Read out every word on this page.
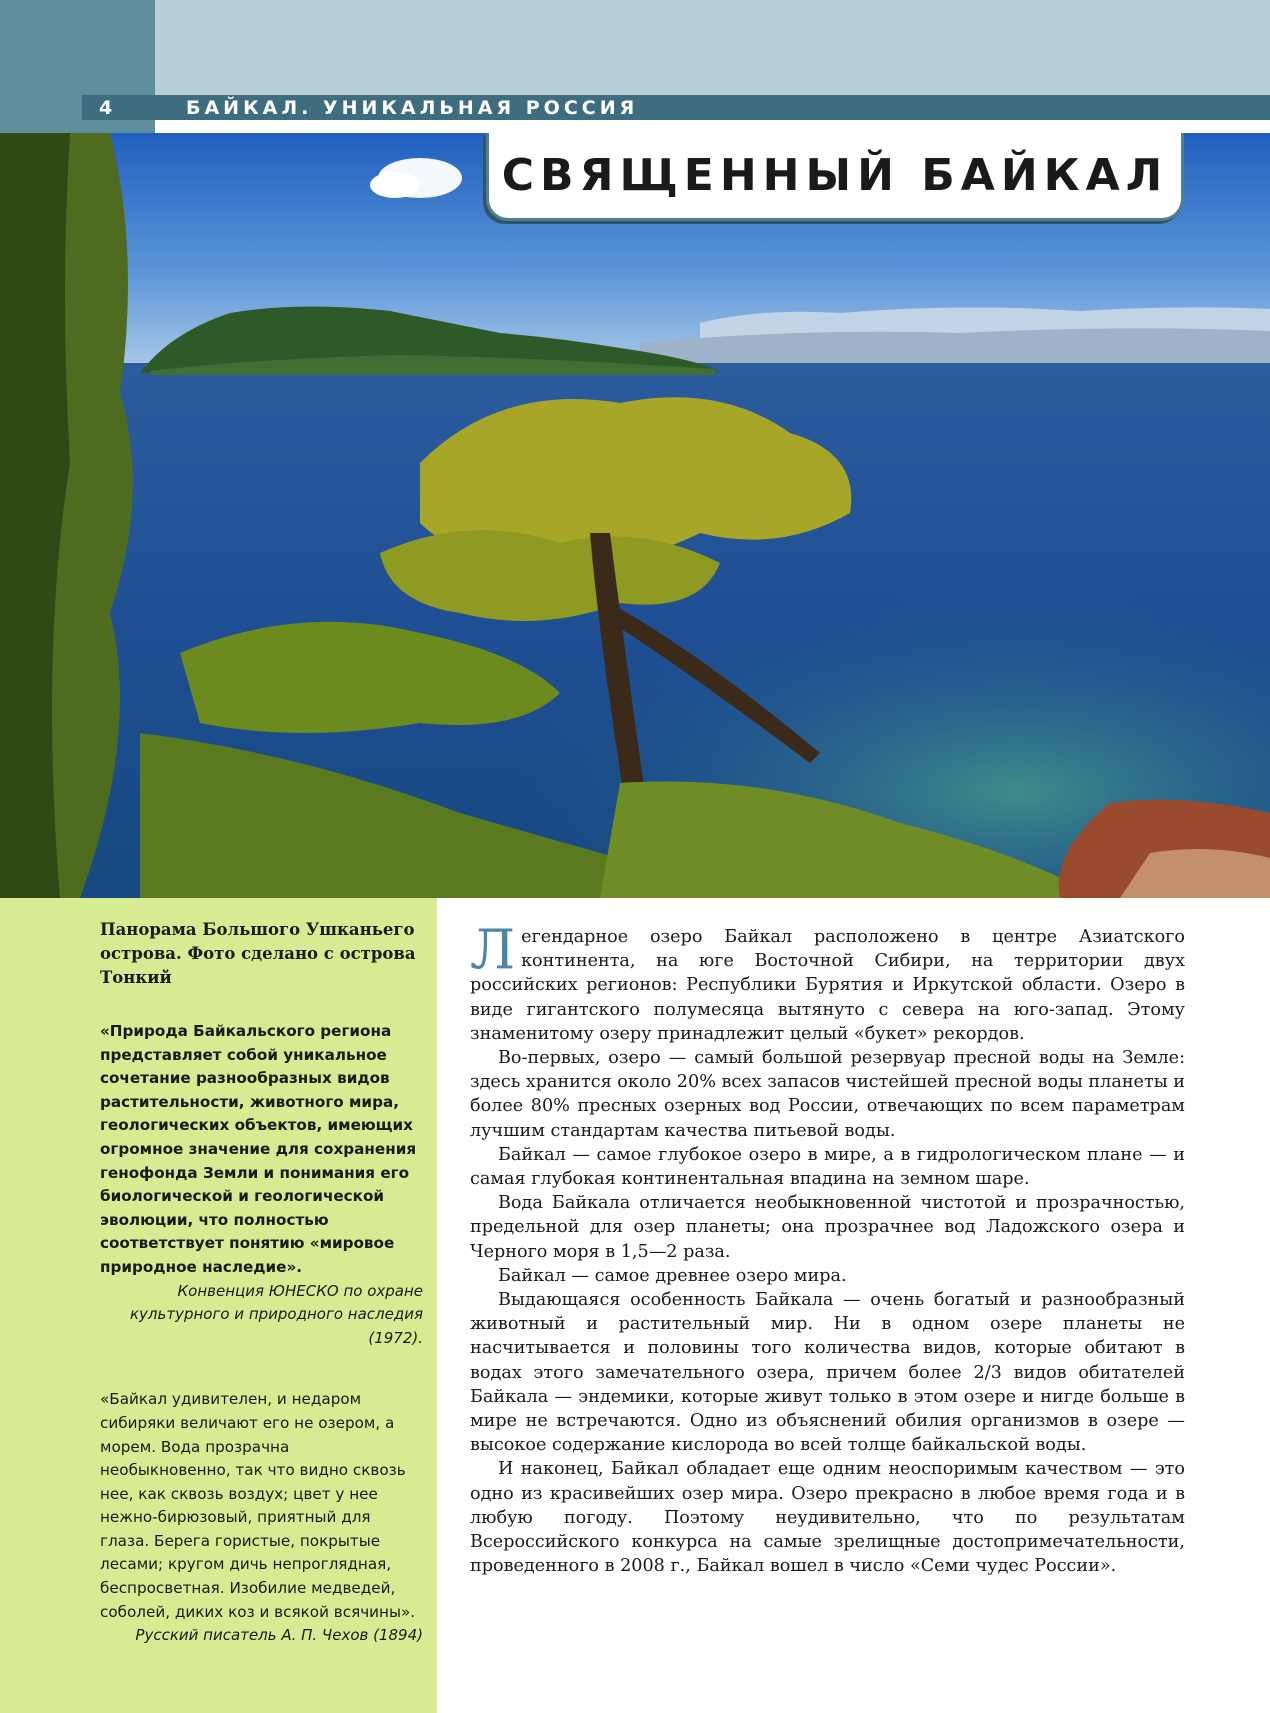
4	БАЙКАЛ. УНИКАЛЬНАЯ РОССИЯ
СВЯЩЕННЫЙ БАЙКАЛ

Панорама Большого Ушканьего острова. Фото сделано с острова Тонкий

«Природа Байкальского региона представляет собой уникальное сочетание разнообразных видов растительности, животного мира, геологических объектов, имеющих огромное значение для сохранения генофонда Земли и понимания его биологической и геологической эволюции, что полностью соответствует понятию «мировое природное наследие».

Конвенция ЮНЕСКО по охране культурного и природного наследия (1972).

«Байкал удивителен, и недаром сибиряки величают его не озером, а морем. Вода прозрачна необыкновенно, так что видно сквозь нее, как сквозь воздух; цвет у нее нежно-бирюзовый, приятный для глаза. Берега гористые, покрытые лесами; кругом дичь непроглядная, беспросветная. Изобилие медведей, соболей, диких коз и всякой всячины».

Русский писатель А. П. Чехов (1894)

Легендарное озеро Байкал расположено в центре Азиатского континента, на юге Восточной Сибири, на территории двух российских регионов: Республики Бурятия и Иркутской области. Озеро в виде гигантского полумесяца вытянуто с севера на юго-запад. Этому знаменитому озеру принадлежит целый «букет» рекордов.

Во-первых, озеро — самый большой резервуар пресной воды на Земле: здесь хранится около 20% всех запасов чистейшей пресной воды планеты и более 80% пресных озерных вод России, отвечающих по всем параметрам лучшим стандартам качества питьевой воды.

Байкал — самое глубокое озеро в мире, а в гидрологическом плане — и самая глубокая континентальная впадина на земном шаре.

Вода Байкала отличается необыкновенной чистотой и прозрачностью, предельной для озер планеты; она прозрачнее вод Ладожского озера и Черного моря в 1,5—2 раза.

Байкал — самое древнее озеро мира.

Выдающаяся особенность Байкала — очень богатый и разнообразный животный и растительный мир. Ни в одном озере планеты не насчитывается и половины того количества видов, которые обитают в водах этого замечательного озера, причем более 2/3 видов обитателей Байкала — эндемики, которые живут только в этом озере и нигде больше в мире не встречаются. Одно из объяснений обилия организмов в озере — высокое содержание кислорода во всей толще байкальской воды.

И наконец, Байкал обладает еще одним неоспоримым качеством — это одно из красивейших озер мира. Озеро прекрасно в любое время года и в любую погоду. Поэтому неудивительно, что по результатам Всероссийского конкурса на самые зрелищные достопримечательности, проведенного в 2008 г., Байкал вошел в число «Семи чудес России».
